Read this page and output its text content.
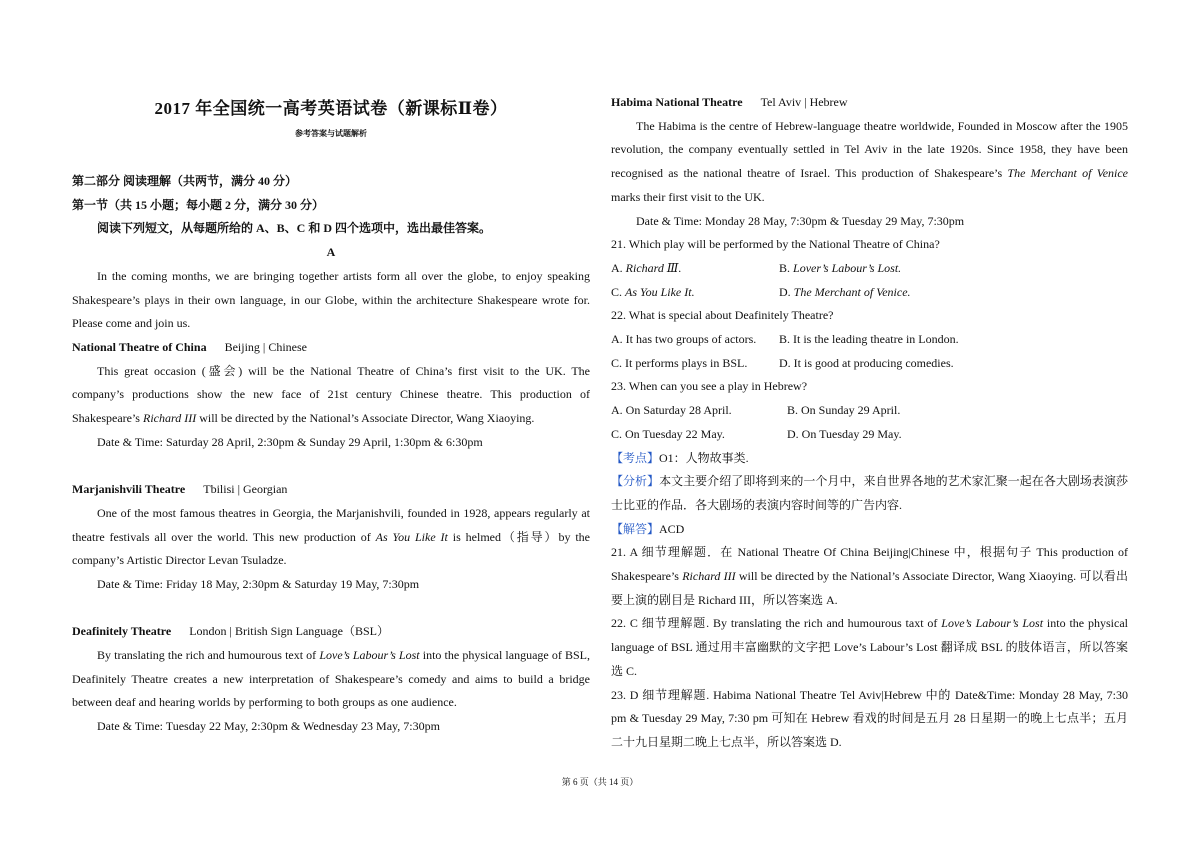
2017 年全国统一高考英语试卷（新课标Ⅱ卷）
参考答案与试题解析
第二部分 阅读理解（共两节，满分 40 分）
第一节（共 15 小题；每小题 2 分，满分 30 分）
阅读下列短文，从每题所给的 A、B、C 和 D 四个选项中，选出最佳答案。
A

In the coming months, we are bringing together artists form all over the globe, to enjoy speaking Shakespeare’s plays in their own language, in our Globe, within the architecture Shakespeare wrote for. Please come and join us.

National Theatre of China Beijing | Chinese

This great occasion (盛会) will be the National Theatre of China’s first visit to the UK. The company’s productions show the new face of 21st century Chinese theatre. This production of Shakespeare’s Richard III will be directed by the National’s Associate Director, Wang Xiaoying.

Date & Time: Saturday 28 April, 2:30pm & Sunday 29 April, 1:30pm & 6:30pm

Marjanishvili Theatre Tbilisi | Georgian

One of the most famous theatres in Georgia, the Marjanishvili, founded in 1928, appears regularly at theatre festivals all over the world. This new production of As You Like It is helmed（指导）by the company’s Artistic Director Levan Tsuladze.

Date & Time: Friday 18 May, 2:30pm & Saturday 19 May, 7:30pm

Deafinitely Theatre London | British Sign Language（BSL）

By translating the rich and humourous text of Love’s Labour’s Lost into the physical language of BSL, Deafinitely Theatre creates a new interpretation of Shakespeare’s comedy and aims to build a bridge between deaf and hearing worlds by performing to both groups as one audience.

Date & Time: Tuesday 22 May, 2:30pm & Wednesday 23 May, 7:30pm
Habima National Theatre Tel Aviv | Hebrew

The Habima is the centre of Hebrew-language theatre worldwide, Founded in Moscow after the 1905 revolution, the company eventually settled in Tel Aviv in the late 1920s. Since 1958, they have been recognised as the national theatre of Israel. This production of Shakespeare’s The Merchant of Venice marks their first visit to the UK.

Date & Time: Monday 28 May, 7:30pm & Tuesday 29 May, 7:30pm
21. Which play will be performed by the National Theatre of China?
A. Richard Ⅲ.	B. Lover’s Labour’s Lost.
C. As You Like It.	D. The Merchant of Venice.
22. What is special about Deafinitely Theatre?
A. It has two groups of actors.	B. It is the leading theatre in London.
C. It performs plays in BSL.	D. It is good at producing comedies.
23. When can you see a play in Hebrew?
A. On Saturday 28 April.	B. On Sunday 29 April.
C. On Tuesday 22 May.	D. On Tuesday 29 May.
【考点】O1：人物故事类.

【分析】本文主要介绍了即将到来的一个月中，来自世界各地的艺术家汇聚一起在各大剧场表演莎士比亚的作品．各大剧场的表演内容时间等的广告内容.

【解答】ACD

21. A 细节理解题．在 National Theatre Of China Beijing|Chinese 中，根据句子 This production of Shakespeare’s Richard III will be directed by the National’s Associate Director, Wang Xiaoying. 可以看出要上演的剧目是 Richard III，所以答案选 A.

22. C 细节理解题. By translating the rich and humourous taxt of Love’s Labour’s Lost into the physical language of BSL 通过用丰富幽默的文字把 Love’s Labour’s Lost 翻译成 BSL 的肢体语言，所以答案选 C.

23. D 细节理解题. Habima National Theatre Tel Aviv|Hebrew 中的 Date&Time: Monday 28 May, 7:30 pm & Tuesday 29 May, 7:30 pm 可知在 Hebrew 看戏的时间是五月 28 日星期一的晚上七点半；五月二十九日星期二晚上七点半，所以答案选 D.

第 6 页（共 14 页）
